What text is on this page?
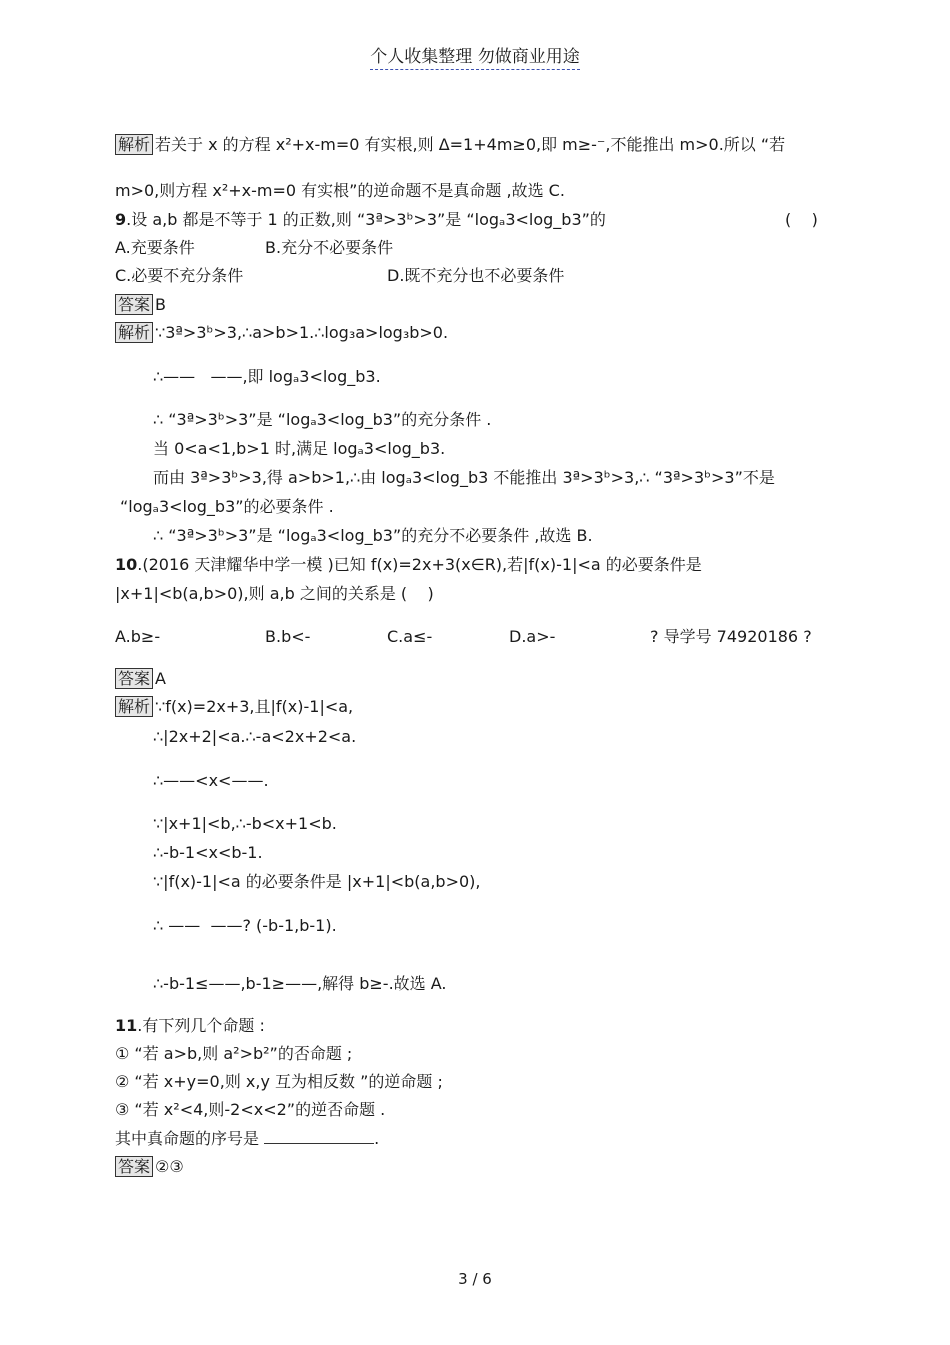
个人收集整理 勿做商业用途
解析 若关于 x 的方程 x²+x-m=0 有实根,则 Δ=1+4m≥0,即 m≥-⁻,不能推出 m>0.所以 “若
m>0,则方程 x²+x-m=0 有实根”的逆命题不是真命题 ,故选 C.
9.设 a,b 都是不等于 1 的正数,则 “3ª>3ᵇ>3”是 “logₐ3<log_b3”的	(    )
A.充要条件	B.充分不必要条件
C.必要不充分条件	D.既不充分也不必要条件
答案 B
解析 ∵3ª>3ᵇ>3,∴a>b>1.∴log₃a>log₃b>0.
∴——   ——,即 logₐ3<log_b3.
∴ “3ª>3ᵇ>3”是 “logₐ3<log_b3”的充分条件 .
当 0<a<1,b>1 时,满足 logₐ3<log_b3.
而由 3ª>3ᵇ>3,得 a>b>1,∴由 logₐ3<log_b3 不能推出 3ª>3ᵇ>3,∴ “3ª>3ᵇ>3”不是
“logₐ3<log_b3”的必要条件 .
∴ “3ª>3ᵇ>3”是 “logₐ3<log_b3”的充分不必要条件 ,故选 B.
10.(2016 天津耀华中学一模 )已知 f(x)=2x+3(x∈R),若|f(x)-1|<a 的必要条件是
|x+1|<b(a,b>0),则 a,b 之间的关系是 (    )
A.b≥-	B.b<-	C.a≤-	D.a>-	? 导学号 74920186 ?
答案 A
解析 ∵f(x)=2x+3,且|f(x)-1|<a,
∴|2x+2|<a.∴-a<2x+2<a.
∴——<x<——.
∵|x+1|<b,∴-b<x+1<b.
∴-b-1<x<b-1.
∵|f(x)-1|<a 的必要条件是 |x+1|<b(a,b>0),
∴ ——  ——? (-b-1,b-1).
∴-b-1≤——,b-1≥——,解得 b≥-.故选 A.
11.有下列几个命题 :
① “若 a>b,则 a²>b²”的否命题 ;
② “若 x+y=0,则 x,y 互为相反数 ”的逆命题 ;
③ “若 x²<4,则-2<x<2”的逆否命题 .
其中真命题的序号是	.
答案 ②③
3 / 6
